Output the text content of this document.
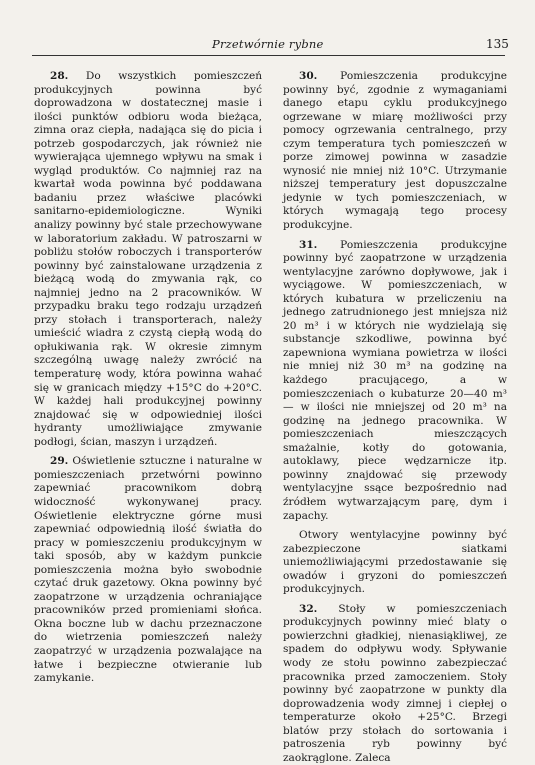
Przetwórnie rybne	135

28. Do wszystkich pomieszczeń produkcyjnych powinna być doprowadzona w dostatecznej masie i ilości punktów odbioru woda bieżąca, zimna oraz ciepła, nadająca się do picia i potrzeb gospodarczych, jak również nie wywierająca ujemnego wpływu na smak i wygląd produktów. Co najmniej raz na kwartał woda powinna być poddawana badaniu przez właściwe placówki sanitarno-epidemiologiczne. Wyniki analizy powinny być stale przechowywane w laboratorium zakładu. W patroszarni w pobliżu stołów roboczych i transporterów powinny być zainstalowane urządzenia z bieżącą wodą do zmywania rąk, co najmniej jedno na 2 pracowników. W przypadku braku tego rodzaju urządzeń przy stołach i transporterach, należy umieścić wiadra z czystą ciepłą wodą do opłukiwania rąk. W okresie zimnym szczególną uwagę należy zwrócić na temperaturę wody, która powinna wahać się w granicach między +15°C do +20°C. W każdej hali produkcyjnej powinny znajdować się w odpowiedniej ilości hydranty umożliwiające zmywanie podłogi, ścian, maszyn i urządzeń.

29. Oświetlenie sztuczne i naturalne w pomieszczeniach przetwórni powinno zapewniać pracownikom dobrą widoczność wykonywanej pracy. Oświetlenie elektryczne górne musi zapewniać odpowiednią ilość światła do pracy w pomieszczeniu produkcyjnym w taki sposób, aby w każdym punkcie pomieszczenia można było swobodnie czytać druk gazetowy. Okna powinny być zaopatrzone w urządzenia ochraniające pracowników przed promieniami słońca. Okna boczne lub w dachu przeznaczone do wietrzenia pomieszczeń należy zaopatrzyć w urządzenia pozwalające na łatwe i bezpieczne otwieranie lub zamykanie.

30. Pomieszczenia produkcyjne powinny być, zgodnie z wymaganiami danego etapu cyklu produkcyjnego ogrzewane w miarę możliwości przy pomocy ogrzewania centralnego, przy czym temperatura tych pomieszczeń w porze zimowej powinna w zasadzie wynosić nie mniej niż 10°C. Utrzymanie niższej temperatury jest dopuszczalne jedynie w tych pomieszczeniach, w których wymagają tego procesy produkcyjne.

31. Pomieszczenia produkcyjne powinny być zaopatrzone w urządzenia wentylacyjne zarówno dopływowe, jak i wyciągowe. W pomieszczeniach, w których kubatura w przeliczeniu na jednego zatrudnionego jest mniejsza niż 20 m³ i w których nie wydzielają się substancje szkodliwe, powinna być zapewniona wymiana powietrza w ilości nie mniej niż 30 m³ na godzinę na każdego pracującego, a w pomieszczeniach o kubaturze 20—40 m³ — w ilości nie mniejszej od 20 m³ na godzinę na jednego pracownika. W pomieszczeniach mieszczących smażalnie, kotły do gotowania, autoklawy, piece wędzarnicze itp. powinny znajdować się przewody wentylacyjne ssące bezpośrednio nad źródłem wytwarzającym parę, dym i zapachy.

Otwory wentylacyjne powinny być zabezpieczone siatkami uniemożliwiającymi przedostawanie się owadów i gryzoni do pomieszczeń produkcyjnych.

32. Stoły w pomieszczeniach produkcyjnych powinny mieć blaty o powierzchni gładkiej, nienasiąkliwej, ze spadem do odpływu wody. Spływanie wody ze stołu powinno zabezpieczać pracownika przed zamoczeniem. Stoły powinny być zaopatrzone w punkty dla doprowadzenia wody zimnej i ciepłej o temperaturze około +25°C. Brzegi blatów przy stołach do sortowania i patroszenia ryb powinny być zaokrąglone. Zaleca
